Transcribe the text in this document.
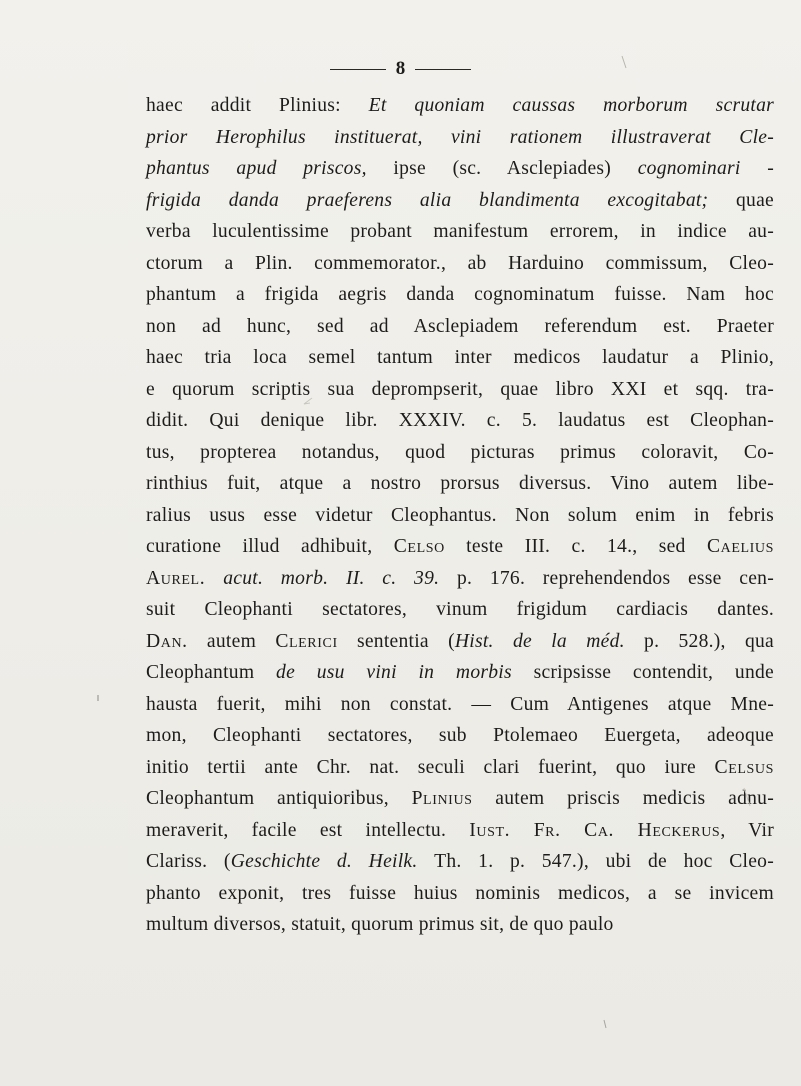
8
haec addit Plinius: Et quoniam caussas morborum scrutar
prior Herophilus instituerat, vini rationem illustraverat Cle-
phantus apud priscos, ipse (sc. Asclepiades) cognominari -
frigida danda praeferens alia blandimenta excogitabat; quae
verba luculentissime probant manifestum errorem, in indice au-
ctorum a Plin. commemorator., ab Harduino commissum, Cleo-
phantum a frigida aegris danda cognominatum fuisse. Nam hoc
non ad hunc, sed ad Asclepiadem referendum est. Praeter
haec tria loca semel tantum inter medicos laudatur a Plinio,
e quorum scriptis sua deprompserit, quae libro XXI et sqq. tra-
didit. Qui denique libr. XXXIV. c. 5. laudatus est Cleophan-
tus, propterea notandus, quod picturas primus coloravit, Co-
rinthius fuit, atque a nostro prorsus diversus. Vino autem libe-
ralius usus esse videtur Cleophantus. Non solum enim in febris
curatione illud adhibuit, Celso teste III. c. 14., sed Caelius
Aurel. acut. morb. II. c. 39. p. 176. reprehendendos esse cen-
suit Cleophanti sectatores, vinum frigidum cardiacis dantes.
Dan. autem Clerici sententia (Hist. de la méd. p. 528.), qua
Cleophantum de usu vini in morbis scripsisse contendit, unde
hausta fuerit, mihi non constat. — Cum Antigenes atque Mne-
mon, Cleophanti sectatores, sub Ptolemaeo Euergeta, adeoque
initio tertii ante Chr. nat. seculi clari fuerint, quo iure Celsus
Cleophantum antiquioribus, Plinius autem priscis medicis adnu-
meraverit, facile est intellectu. Iust. Fr. Ca. Heckerus, Vir
Clariss. (Geschichte d. Heilk. Th. 1. p. 547.), ubi de hoc Cleo-
phanto exponit, tres fuisse huius nominis medicos, a se invicem
multum diversos, statuit, quorum primus sit, de quo paulo
